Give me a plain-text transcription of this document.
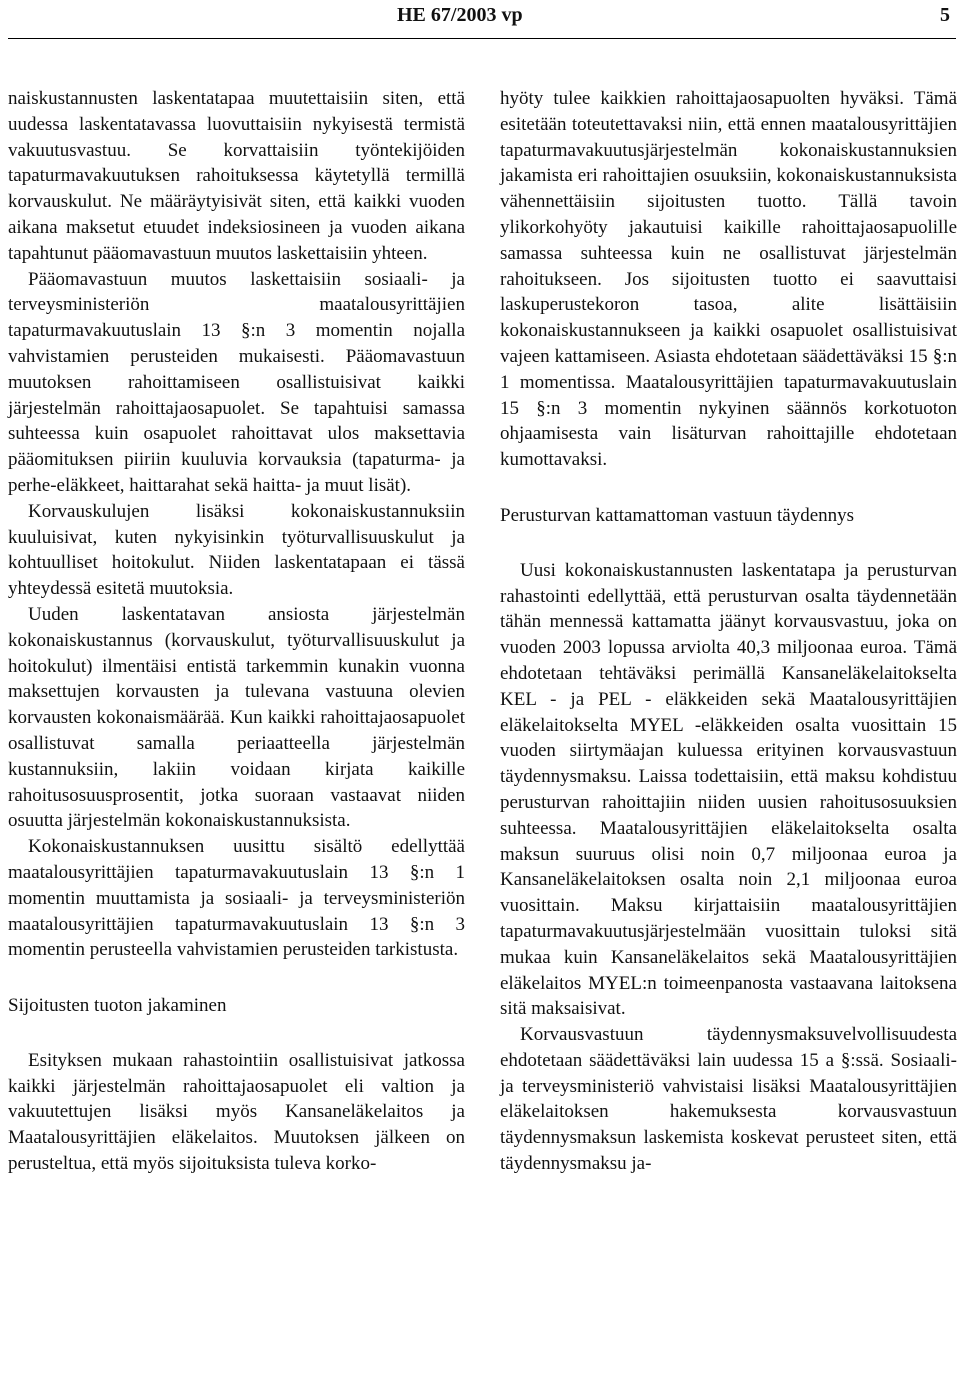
HE 67/2003 vp	5

naiskustannusten laskentatapaa muutettaisiin siten, että uudessa laskentatavassa luovuttaisiin nykyisestä termistä vakuutusvastuu. Se korvattaisiin työntekijöiden tapaturmavakuutuksen rahoituksessa käytetyllä termillä korvauskulut. Ne määräytyisivät siten, että kaikki vuoden aikana maksetut etuudet indeksiosineen ja vuoden aikana tapahtunut pääomavastuun muutos laskettaisiin yhteen.

Pääomavastuun muutos laskettaisiin sosiaali- ja terveysministeriön maatalousyrittäjien tapaturmavakuutuslain 13 §:n 3 momentin nojalla vahvistamien perusteiden mukaisesti. Pääomavastuun muutoksen rahoittamiseen osallistuisivat kaikki järjestelmän rahoittajaosapuolet. Se tapahtuisi samassa suhteessa kuin osapuolet rahoittavat ulos maksettavia pääomituksen piiriin kuuluvia korvauksia (tapaturma- ja perhe-eläkkeet, haittarahat sekä haitta- ja muut lisät).

Korvauskulujen lisäksi kokonaiskustannuksiin kuuluisivat, kuten nykyisinkin työturvallisuuskulut ja kohtuulliset hoitokulut. Niiden laskentatapaan ei tässä yhteydessä esitetä muutoksia.

Uuden laskentatavan ansiosta järjestelmän kokonaiskustannus (korvauskulut, työturvallisuuskulut ja hoitokulut) ilmentäisi entistä tarkemmin kunakin vuonna maksettujen korvausten ja tulevana vastuuna olevien korvausten kokonaismäärää. Kun kaikki rahoittajaosapuolet osallistuvat samalla periaatteella järjestelmän kustannuksiin, lakiin voidaan kirjata kaikille rahoitusosuusprosentit, jotka suoraan vastaavat niiden osuutta järjestelmän kokonaiskustannuksista.

Kokonaiskustannuksen uusittu sisältö edellyttää maatalousyrittäjien tapaturmavakuutuslain 13 §:n 1 momentin muuttamista ja sosiaali- ja terveysministeriön maatalousyrittäjien tapaturmavakuutuslain 13 §:n 3 momentin perusteella vahvistamien perusteiden tarkistusta.

Sijoitusten tuoton jakaminen

Esityksen mukaan rahastointiin osallistuisivat jatkossa kaikki järjestelmän rahoittajaosapuolet eli valtion ja vakuutettujen lisäksi myös Kansaneläkelaitos ja Maatalousyrittäjien eläkelaitos. Muutoksen jälkeen on perusteltua, että myös sijoituksista tuleva korko-

hyöty tulee kaikkien rahoittajaosapuolten hyväksi. Tämä esitetään toteutettavaksi niin, että ennen maatalousyrittäjien tapaturmavakuutusjärjestelmän kokonaiskustannuksien jakamista eri rahoittajien osuuksiin, kokonaiskustannuksista vähennettäisiin sijoitusten tuotto. Tällä tavoin ylikorkohyöty jakautuisi kaikille rahoittajaosapuolille samassa suhteessa kuin ne osallistuvat järjestelmän rahoitukseen. Jos sijoitusten tuotto ei saavuttaisi laskuperustekoron tasoa, alite lisättäisiin kokonaiskustannukseen ja kaikki osapuolet osallistuisivat vajeen kattamiseen. Asiasta ehdotetaan säädettäväksi 15 §:n 1 momentissa. Maatalousyrittäjien tapaturmavakuutuslain 15 §:n 3 momentin nykyinen säännös korkotuoton ohjaamisesta vain lisäturvan rahoittajille ehdotetaan kumottavaksi.

Perusturvan kattamattoman vastuun täydennys

Uusi kokonaiskustannusten laskentatapa ja perusturvan rahastointi edellyttää, että perusturvan osalta täydennetään tähän mennessä kattamatta jäänyt korvausvastuu, joka on vuoden 2003 lopussa arviolta 40,3 miljoonaa euroa. Tämä ehdotetaan tehtäväksi perimällä Kansaneläkelaitokselta KEL - ja PEL - eläkkeiden sekä Maatalousyrittäjien eläkelaitokselta MYEL -eläkkeiden osalta vuosittain 15 vuoden siirtymäajan kuluessa erityinen korvausvastuun täydennysmaksu. Laissa todettaisiin, että maksu kohdistuu perusturvan rahoittajiin niiden uusien rahoitusosuuksien suhteessa. Maatalousyrittäjien eläkelaitokselta osalta maksun suuruus olisi noin 0,7 miljoonaa euroa ja Kansaneläkelaitoksen osalta noin 2,1 miljoonaa euroa vuosittain. Maksu kirjattaisiin maatalousyrittäjien tapaturmavakuutusjärjestelmään vuosittain tuloksi sitä mukaa kuin Kansaneläkelaitos sekä Maatalousyrittäjien eläkelaitos MYEL:n toimeenpanosta vastaavana laitoksena sitä maksaisivat.

Korvausvastuun täydennysmaksuvelvollisuudesta ehdotetaan säädettäväksi lain uudessa 15 a §:ssä. Sosiaali- ja terveysministeriö vahvistaisi lisäksi Maatalousyrittäjien eläkelaitoksen hakemuksesta korvausvastuun täydennysmaksun laskemista koskevat perusteet siten, että täydennysmaksu ja-
